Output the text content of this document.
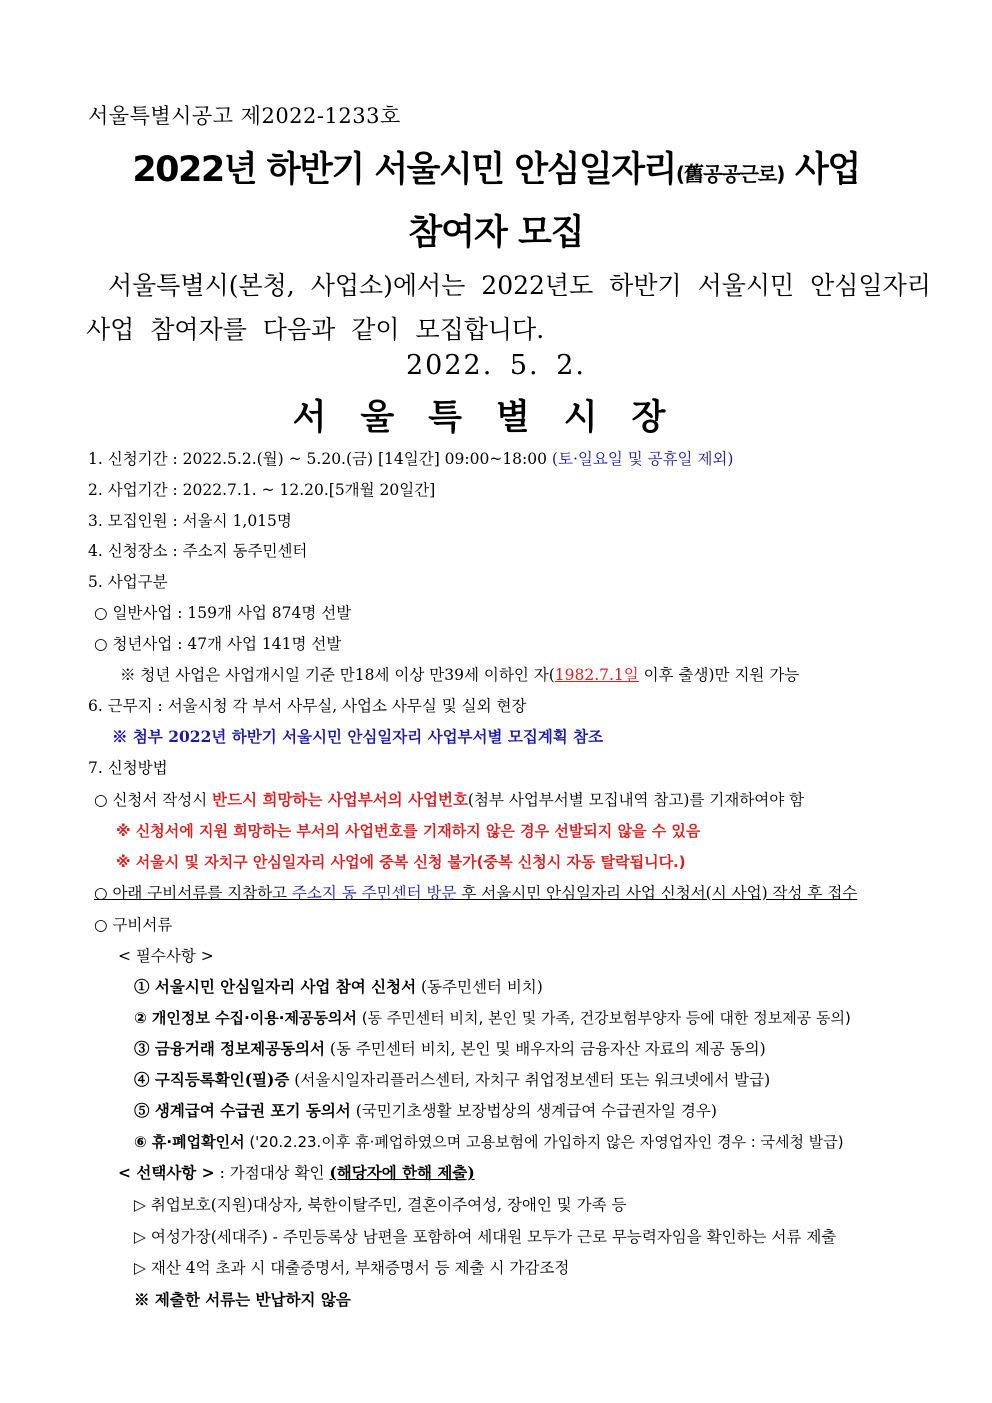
서울특별시공고 제2022-1233호
2022년 하반기 서울시민 안심일자리(舊공공근로) 사업
참여자 모집
서울특별시(본청, 사업소)에서는 2022년도 하반기 서울시민 안심일자리
사업 참여자를 다음과 같이 모집합니다.
2022. 5. 2.
서울특별시장
1. 신청기간 : 2022.5.2.(월) ~ 5.20.(금) [14일간] 09:00~18:00 (토·일요일 및 공휴일 제외)
2. 사업기간 : 2022.7.1. ~ 12.20.[5개월 20일간]
3. 모집인원 : 서울시 1,015명
4. 신청장소 : 주소지 동주민센터
5. 사업구분
○ 일반사업 : 159개 사업 874명 선발
○ 청년사업 : 47개 사업 141명 선발
※ 청년 사업은 사업개시일 기준 만18세 이상 만39세 이하인 자(1982.7.1일 이후 출생)만 지원 가능
6. 근무지 : 서울시청 각 부서 사무실, 사업소 사무실 및 실외 현장
※ 첨부 2022년 하반기 서울시민 안심일자리 사업부서별 모집계획 참조
7. 신청방법
○ 신청서 작성시 반드시 희망하는 사업부서의 사업번호(첨부 사업부서별 모집내역 참고)를 기재하여야 함
※ 신청서에 지원 희망하는 부서의 사업번호를 기재하지 않은 경우 선발되지 않을 수 있음
※ 서울시 및 자치구 안심일자리 사업에 중복 신청 불가(중복 신청시 자동 탈락됩니다.)
○ 아래 구비서류를 지참하고 주소지 동 주민센터 방문 후 서울시민 안심일자리 사업 신청서(시 사업) 작성 후 접수
○ 구비서류
< 필수사항 >
① 서울시민 안심일자리 사업 참여 신청서 (동주민센터 비치)
② 개인정보 수집·이용·제공동의서 (동 주민센터 비치, 본인 및 가족, 건강보험부양자 등에 대한 정보제공 동의)
③ 금융거래 정보제공동의서 (동 주민센터 비치, 본인 및 배우자의 금융자산 자료의 제공 동의)
④ 구직등록확인(필)증 (서울시일자리플러스센터, 자치구 취업정보센터 또는 워크넷에서 발급)
⑤ 생계급여 수급권 포기 동의서 (국민기초생활 보장법상의 생계급여 수급권자일 경우)
⑥ 휴·폐업확인서 ('20.2.23.이후 휴·폐업하였으며 고용보험에 가입하지 않은 자영업자인 경우 : 국세청 발급)
< 선택사항 > : 가점대상 확인 (해당자에 한해 제출)
▷ 취업보호(지원)대상자, 북한이탈주민, 결혼이주여성, 장애인 및 가족 등
▷ 여성가장(세대주) - 주민등록상 남편을 포함하여 세대원 모두가 근로 무능력자임을 확인하는 서류 제출
▷ 재산 4억 초과 시 대출증명서, 부채증명서 등 제출 시 가감조정
※ 제출한 서류는 반납하지 않음
